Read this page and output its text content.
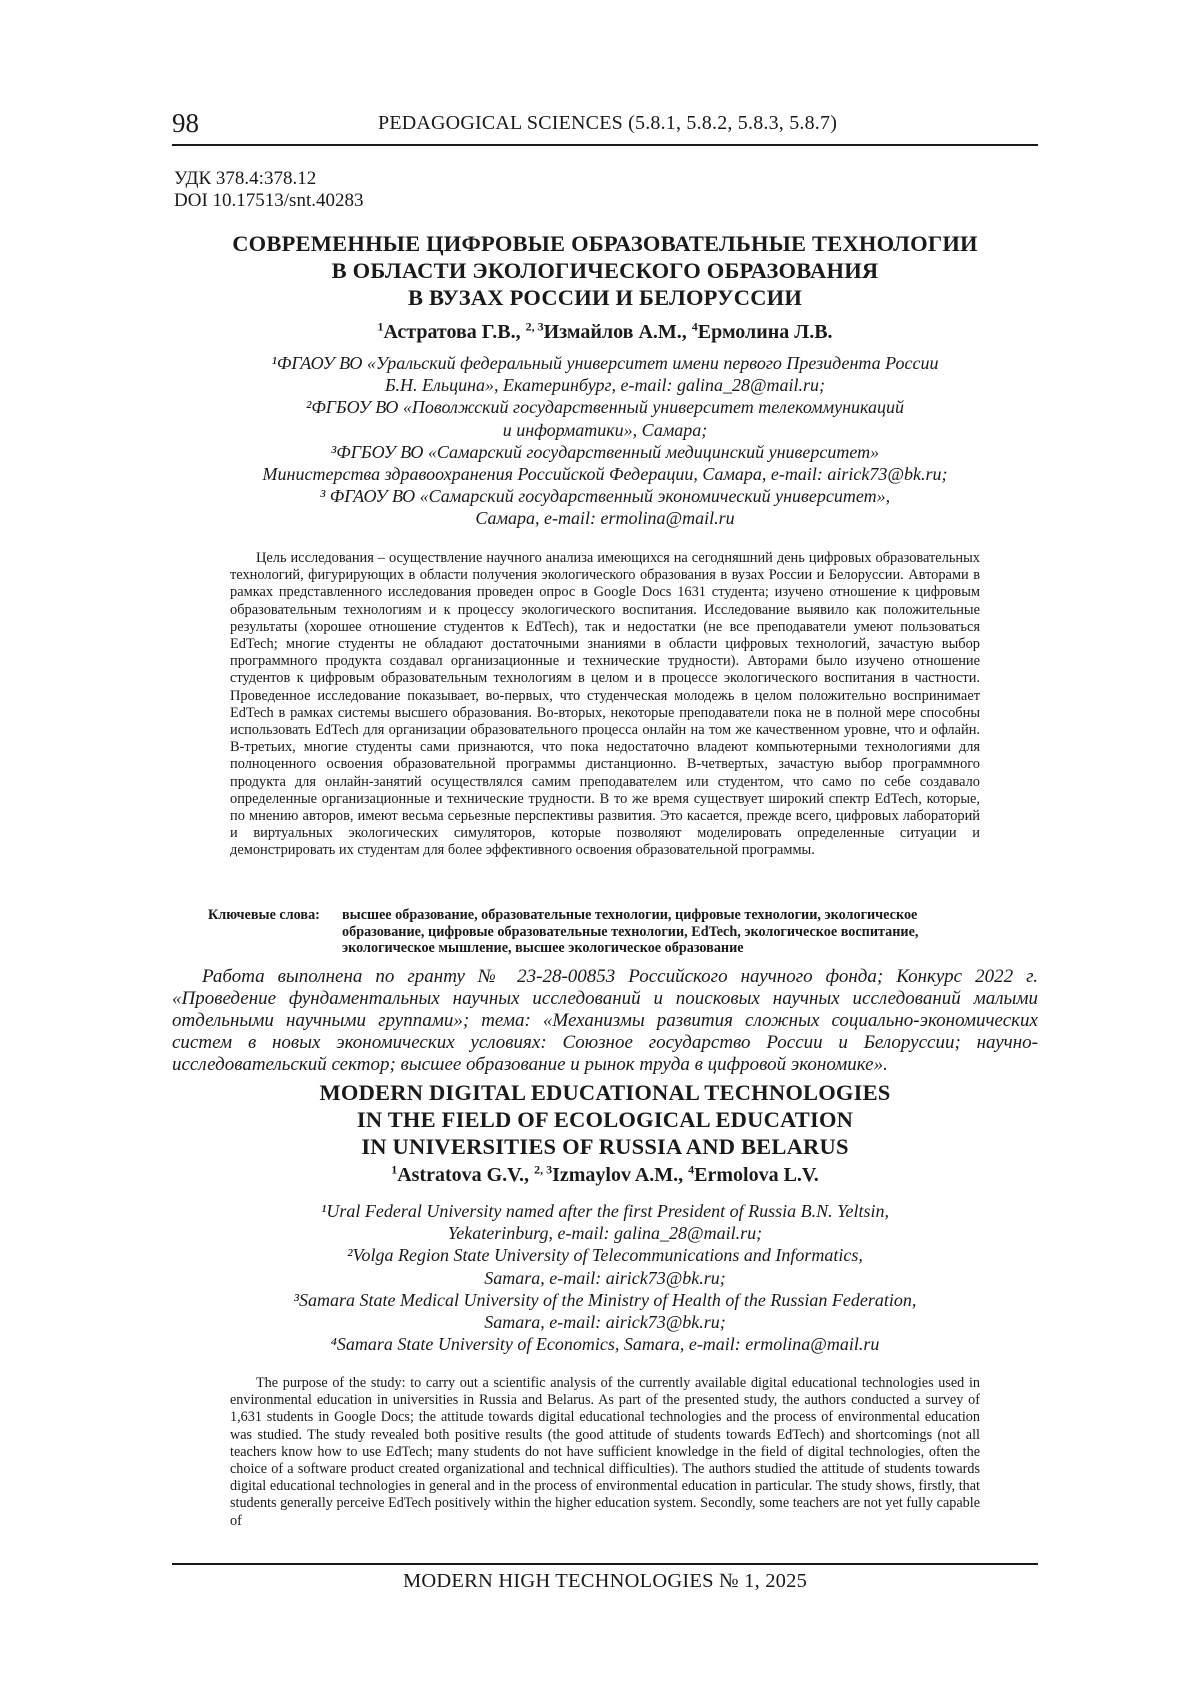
98	PEDAGOGICAL SCIENCES (5.8.1, 5.8.2, 5.8.3, 5.8.7)
УДК 378.4:378.12
DOI 10.17513/snt.40283
СОВРЕМЕННЫЕ ЦИФРОВЫЕ ОБРАЗОВАТЕЛЬНЫЕ ТЕХНОЛОГИИ
В ОБЛАСТИ ЭКОЛОГИЧЕСКОГО ОБРАЗОВАНИЯ
В ВУЗАХ РОССИИ И БЕЛОРУССИИ
$^1$Астратова Г.В., $^{2, 3}$Измайлов А.М., $^4$Ермолина Л.В.
¹ФГАОУ ВО «Уральский федеральный университет имени первого Президента России
Б.Н. Ельцина», Екатеринбург, e-mail: galina_28@mail.ru;
²ФГБОУ ВО «Поволжский государственный университет телекоммуникаций
и информатики», Самара;
³ФГБОУ ВО «Самарский государственный медицинский университет»
Министерства здравоохранения Российской Федерации, Самара, e-mail: airick73@bk.ru;
³ ФГАОУ ВО «Самарский государственный экономический университет»,
Самара, e-mail: ermolina@mail.ru

Цель исследования – осуществление научного анализа имеющихся на сегодняшний день цифровых образовательных технологий, фигурирующих в области получения экологического образования в вузах России и Белоруссии. Авторами в рамках представленного исследования проведен опрос в Google Docs 1631 студента; изучено отношение к цифровым образовательным технологиям и к процессу экологического воспитания. Исследование выявило как положительные результаты (хорошее отношение студентов к EdTech), так и недостатки (не все преподаватели умеют пользоваться EdTech; многие студенты не обладают достаточными знаниями в области цифровых технологий, зачастую выбор программного продукта создавал организационные и технические трудности). Авторами было изучено отношение студентов к цифровым образовательным технологиям в целом и в процессе экологического воспитания в частности. Проведенное исследование показывает, во-первых, что студенческая молодежь в целом положительно воспринимает EdTech в рамках системы высшего образования. Во-вторых, некоторые преподаватели пока не в полной мере способны использовать EdTech для организации образовательного процесса онлайн на том же качественном уровне, что и офлайн. В-третьих, многие студенты сами признаются, что пока недостаточно владеют компьютерными технологиями для полноценного освоения образовательной программы дистанционно. В-четвертых, зачастую выбор программного продукта для онлайн-занятий осуществлялся самим преподавателем или студентом, что само по себе создавало определенные организационные и технические трудности. В то же время существует широкий спектр EdTech, которые, по мнению авторов, имеют весьма серьезные перспективы развития. Это касается, прежде всего, цифровых лабораторий и виртуальных экологических симуляторов, которые позволяют моделировать определенные ситуации и демонстрировать их студентам для более эффективного освоения образовательной программы.

Ключевые слова:	высшее образование, образовательные технологии, цифровые технологии, экологическое образование, цифровые образовательные технологии, EdTech, экологическое воспитание, экологическое мышление, высшее экологическое образование

Работа выполнена по гранту № 23-28-00853 Российского научного фонда; Конкурс 2022 г. «Проведение фундаментальных научных исследований и поисковых научных исследований малыми отдельными научными группами»; тема: «Механизмы развития сложных социально-экономических систем в новых экономических условиях: Союзное государство России и Белоруссии; научно-исследовательский сектор; высшее образование и рынок труда в цифровой экономике».

MODERN DIGITAL EDUCATIONAL TECHNOLOGIES
IN THE FIELD OF ECOLOGICAL EDUCATION
IN UNIVERSITIES OF RUSSIA AND BELARUS
$^1$Astratova G.V., $^{2, 3}$Izmaylov A.M., $^4$Ermolova L.V.
¹Ural Federal University named after the first President of Russia B.N. Yeltsin,
Yekaterinburg, e-mail: galina_28@mail.ru;
²Volga Region State University of Telecommunications and Informatics,
Samara, e-mail: airick73@bk.ru;
³Samara State Medical University of the Ministry of Health of the Russian Federation,
Samara, e-mail: airick73@bk.ru;
⁴Samara State University of Economics, Samara, e-mail: ermolina@mail.ru

The purpose of the study: to carry out a scientific analysis of the currently available digital educational technologies used in environmental education in universities in Russia and Belarus. As part of the presented study, the authors conducted a survey of 1,631 students in Google Docs; the attitude towards digital educational technologies and the process of environmental education was studied. The study revealed both positive results (the good attitude of students towards EdTech) and shortcomings (not all teachers know how to use EdTech; many students do not have sufficient knowledge in the field of digital technologies, often the choice of a software product created organizational and technical difficulties). The authors studied the attitude of students towards digital educational technologies in general and in the process of environmental education in particular. The study shows, firstly, that students generally perceive EdTech positively within the higher education system. Secondly, some teachers are not yet fully capable of

MODERN HIGH TECHNOLOGIES № 1, 2025
